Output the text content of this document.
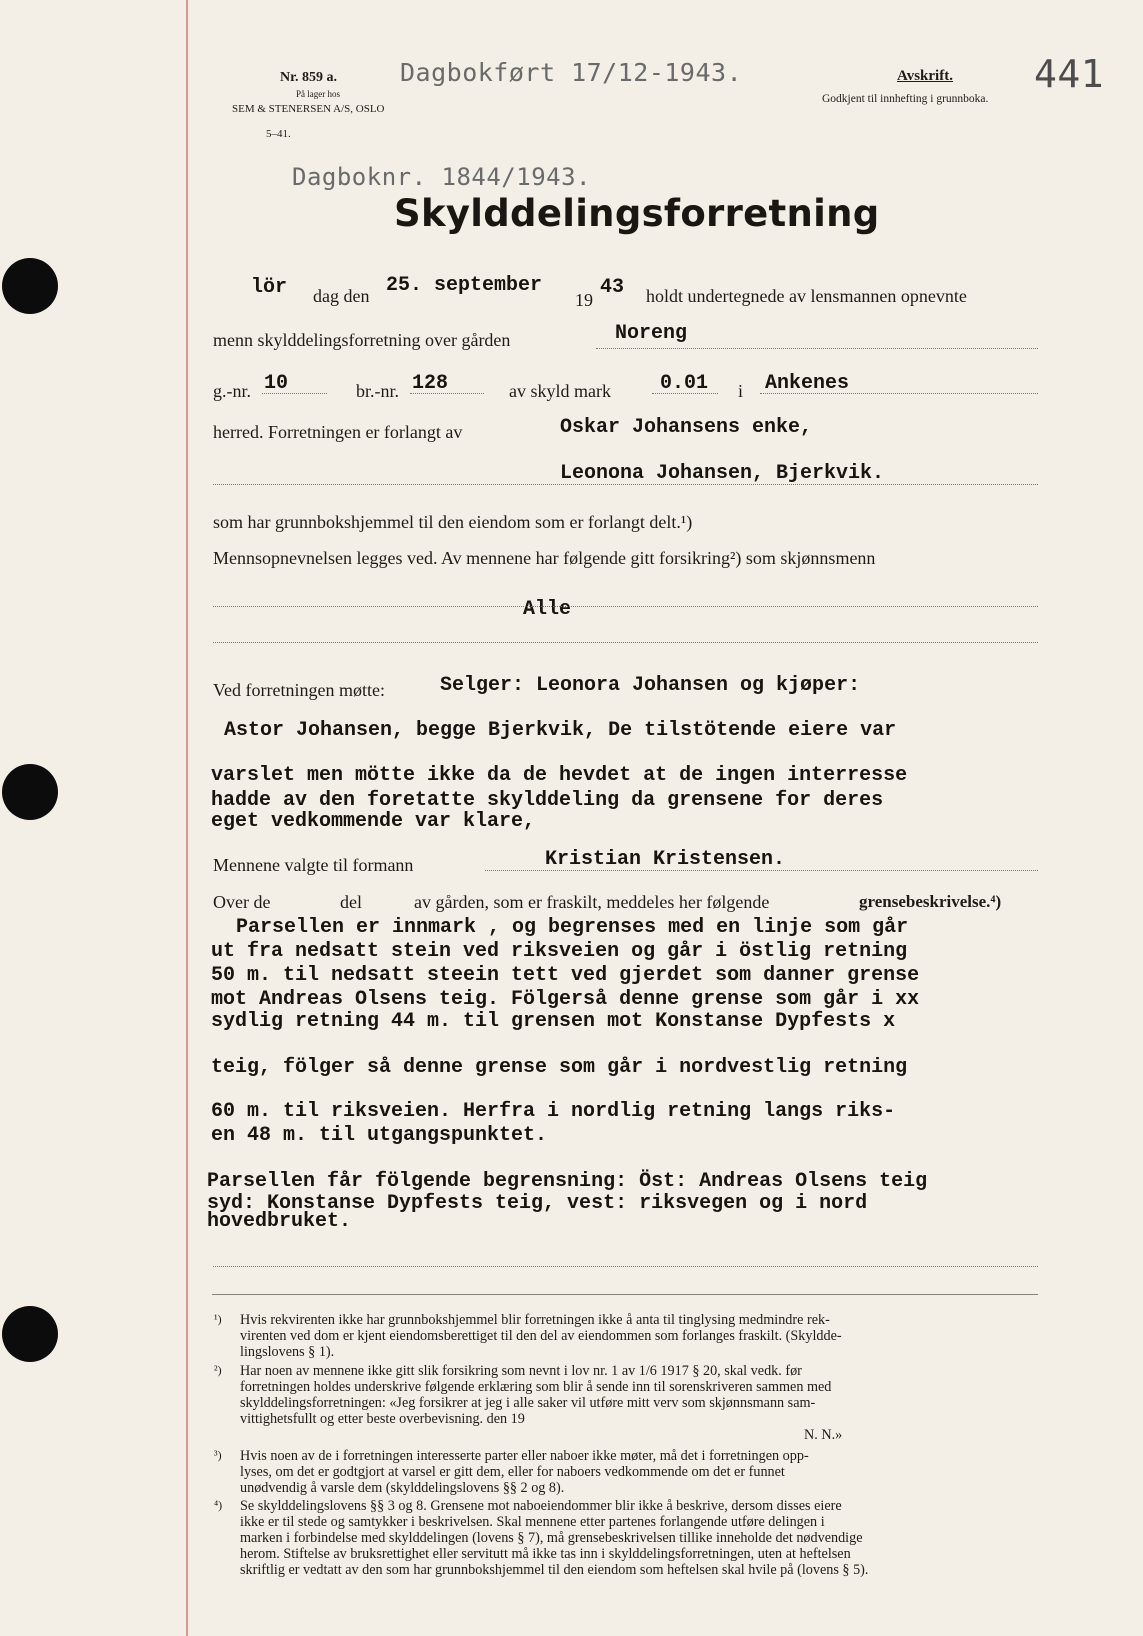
Nr. 859 a.
På lager hos
SEM & STENERSEN A/S, OSLO
5–41.
Dagbokført 17/12-1943.	Avskrift.
Godkjent til innhefting i grunnboka.
441
Dagboknr. 1844/1943.
Skylddelingsforretning
lör dag den 25. september
19
43 holdt undertegnede av lensmannen opnevnte
menn skylddelingsforretning over gården	Noreng
g.-nr. 10	br.-nr. 128	av skyld mark 0.01 i Ankenes
herred. Forretningen er forlangt av	Oskar Johansens enke,
Leonona Johansen, Bjerkvik.
som har grunnbokshjemmel til den eiendom som er forlangt delt.¹)
Mennsopnevnelsen legges ved. Av mennene har følgende gitt forsikring²) som skjønnsmenn
Alle
Ved forretningen møtte:	Selger: Leonora Johansen og kjøper:
Astor Johansen, begge Bjerkvik, De tilstötende eiere var
varslet men mötte ikke da de hevdet at de ingen interresse
hadde av den foretatte skylddeling da grensene for deres
eget vedkommende var klare,
Mennene valgte til formann	Kristian Kristensen.
Over de	del	av gården, som er fraskilt, meddeles her følgende	grensebeskrivelse.⁴)
Parsellen er innmark , og begrenses med en linje som går
ut fra nedsatt stein ved riksveien og går i östlig retning
50 m. til nedsatt steein tett ved gjerdet som danner grense
mot Andreas Olsens teig. Fölgerså denne grense som går i xx
sydlig retning 44 m. til grensen mot Konstanse Dypfests x
teig, fölger så denne grense som går i nordvestlig retning
60 m. til riksveien. Herfra i nordlig retning langs riks-
en 48 m. til utgangspunktet.
Parsellen får fölgende begrensning: Öst: Andreas Olsens teig
syd: Konstanse Dypfests teig, vest: riksvegen og i nord
hovedbruket.
¹) Hvis rekvirenten ikke har grunnbokshjemmel blir forretningen ikke å anta til tinglysing medmindre rek-
virenten ved dom er kjent eiendomsberettiget til den del av eiendommen som forlanges fraskilt. (Skyldde-
lingslovens § 1).
²) Har noen av mennene ikke gitt slik forsikring som nevnt i lov nr. 1 av 1/6 1917 § 20, skal vedk. før
forretningen holdes underskrive følgende erklæring som blir å sende inn til sorenskriveren sammen med
skylddelingsforretningen: «Jeg forsikrer at jeg i alle saker vil utføre mitt verv som skjønnsmann sam-
vittighetsfullt og etter beste overbevisning. den 19
N. N.»
³) Hvis noen av de i forretningen interesserte parter eller naboer ikke møter, må det i forretningen opp-
lyses, om det er godtgjort at varsel er gitt dem, eller for naboers vedkommende om det er funnet
unødvendig å varsle dem (skylddelingslovens §§ 2 og 8).
⁴) Se skylddelingslovens §§ 3 og 8. Grensene mot naboeiendommer blir ikke å beskrive, dersom disses eiere
ikke er til stede og samtykker i beskrivelsen. Skal mennene etter partenes forlangende utføre delingen i
marken i forbindelse med skylddelingen (lovens § 7), må grensebeskrivelsen tillike inneholde det nødvendige
herom. Stiftelse av bruksrettighet eller servitutt må ikke tas inn i skylddelingsforretningen, uten at heftelsen
skriftlig er vedtatt av den som har grunnbokshjemmel til den eiendom som heftelsen skal hvile på (lovens § 5).
